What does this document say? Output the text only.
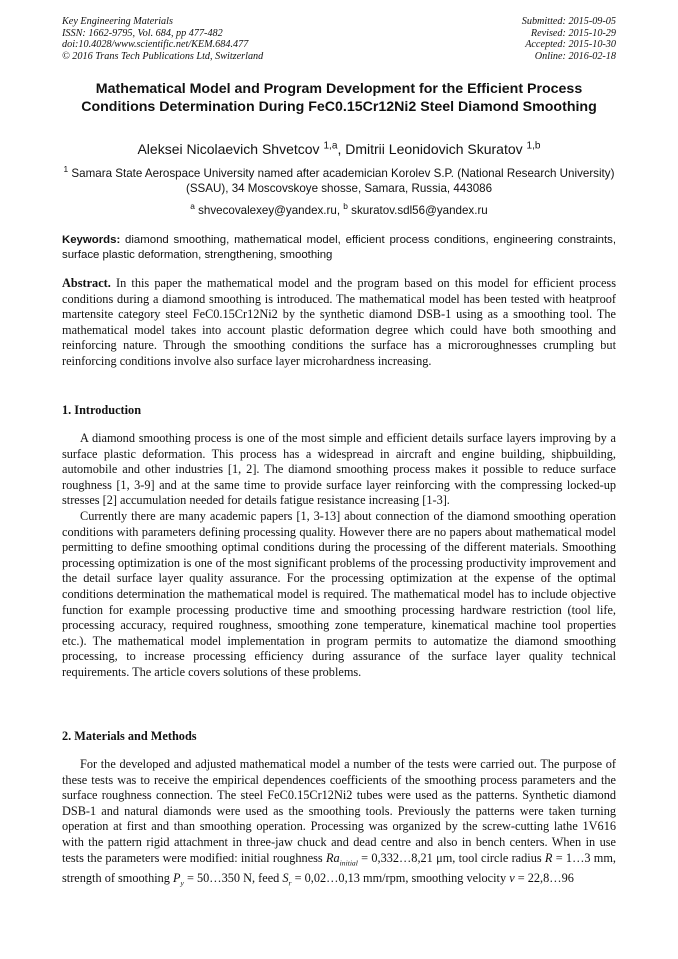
Key Engineering Materials
ISSN: 1662-9795, Vol. 684, pp 477-482
doi:10.4028/www.scientific.net/KEM.684.477
© 2016 Trans Tech Publications Ltd, Switzerland
Submitted: 2015-09-05
Revised: 2015-10-29
Accepted: 2015-10-30
Online: 2016-02-18
Mathematical Model and Program Development for the Efficient Process Conditions Determination During FeC0.15Cr12Ni2 Steel Diamond Smoothing
Aleksei Nicolaevich Shvetcov $^{1,a}$, Dmitrii Leonidovich Skuratov $^{1,b}$
$^1$ Samara State Aerospace University named after academician Korolev S.P. (National Research University) (SSAU), 34 Moscovskoye shosse, Samara, Russia, 443086
$^a$ shvecovalexey@yandex.ru, $^b$ skuratov.sdl56@yandex.ru
Keywords: diamond smoothing, mathematical model, efficient process conditions, engineering constraints, surface plastic deformation, strengthening, smoothing
Abstract. In this paper the mathematical model and the program based on this model for efficient process conditions during a diamond smoothing is introduced. The mathematical model has been tested with heatproof martensite category steel FeC0.15Cr12Ni2 by the synthetic diamond DSB-1 using as a smoothing tool. The mathematical model takes into account plastic deformation degree which could have both smoothing and reinforcing nature. Through the smoothing conditions the surface has a microroughnesses crumpling but reinforcing conditions involve also surface layer microhardness increasing.
1. Introduction

A diamond smoothing process is one of the most simple and efficient details surface layers improving by a surface plastic deformation. This process has a widespread in aircraft and engine building, shipbuilding, automobile and other industries [1, 2]. The diamond smoothing process makes it possible to reduce surface roughness [1, 3-9] and at the same time to provide surface layer reinforcing with the compressing locked-up stresses [2] accumulation needed for details fatigue resistance increasing [1-3].

Currently there are many academic papers [1, 3-13] about connection of the diamond smoothing operation conditions with parameters defining processing quality. However there are no papers about mathematical model permitting to define smoothing optimal conditions during the processing of the different materials. Smoothing processing optimization is one of the most significant problems of the processing productivity improvement and the detail surface layer quality assurance. For the processing optimization at the expense of the optimal conditions determination the mathematical model is required. The mathematical model has to include objective function for example processing productive time and smoothing processing hardware restriction (tool life, processing accuracy, required roughness, smoothing zone temperature, kinematical machine tool properties etc.). The mathematical model implementation in program permits to automatize the diamond smoothing processing, to increase processing efficiency during assurance of the surface layer quality technical requirements. The article covers solutions of these problems.

2. Materials and Methods

For the developed and adjusted mathematical model a number of the tests were carried out. The purpose of these tests was to receive the empirical dependences coefficients of the smoothing process parameters and the surface roughness connection. The steel FeC0.15Cr12Ni2 tubes were used as the patterns. Synthetic diamond DSB-1 and natural diamonds were used as the smoothing tools. Previously the patterns were taken turning operation at first and than smoothing operation. Processing was organized by the screw-cutting lathe 1V616 with the pattern rigid attachment in three-jaw chuck and dead centre and also in bench centers. When in use tests the parameters were modified: initial roughness $Ra_{initial}$ = 0,332…8,21 μm, tool circle radius R = 1…3 mm, strength of smoothing $P_y$ = 50…350 N, feed $S_r$ = 0,02…0,13 mm/rpm, smoothing velocity v = 22,8…96
